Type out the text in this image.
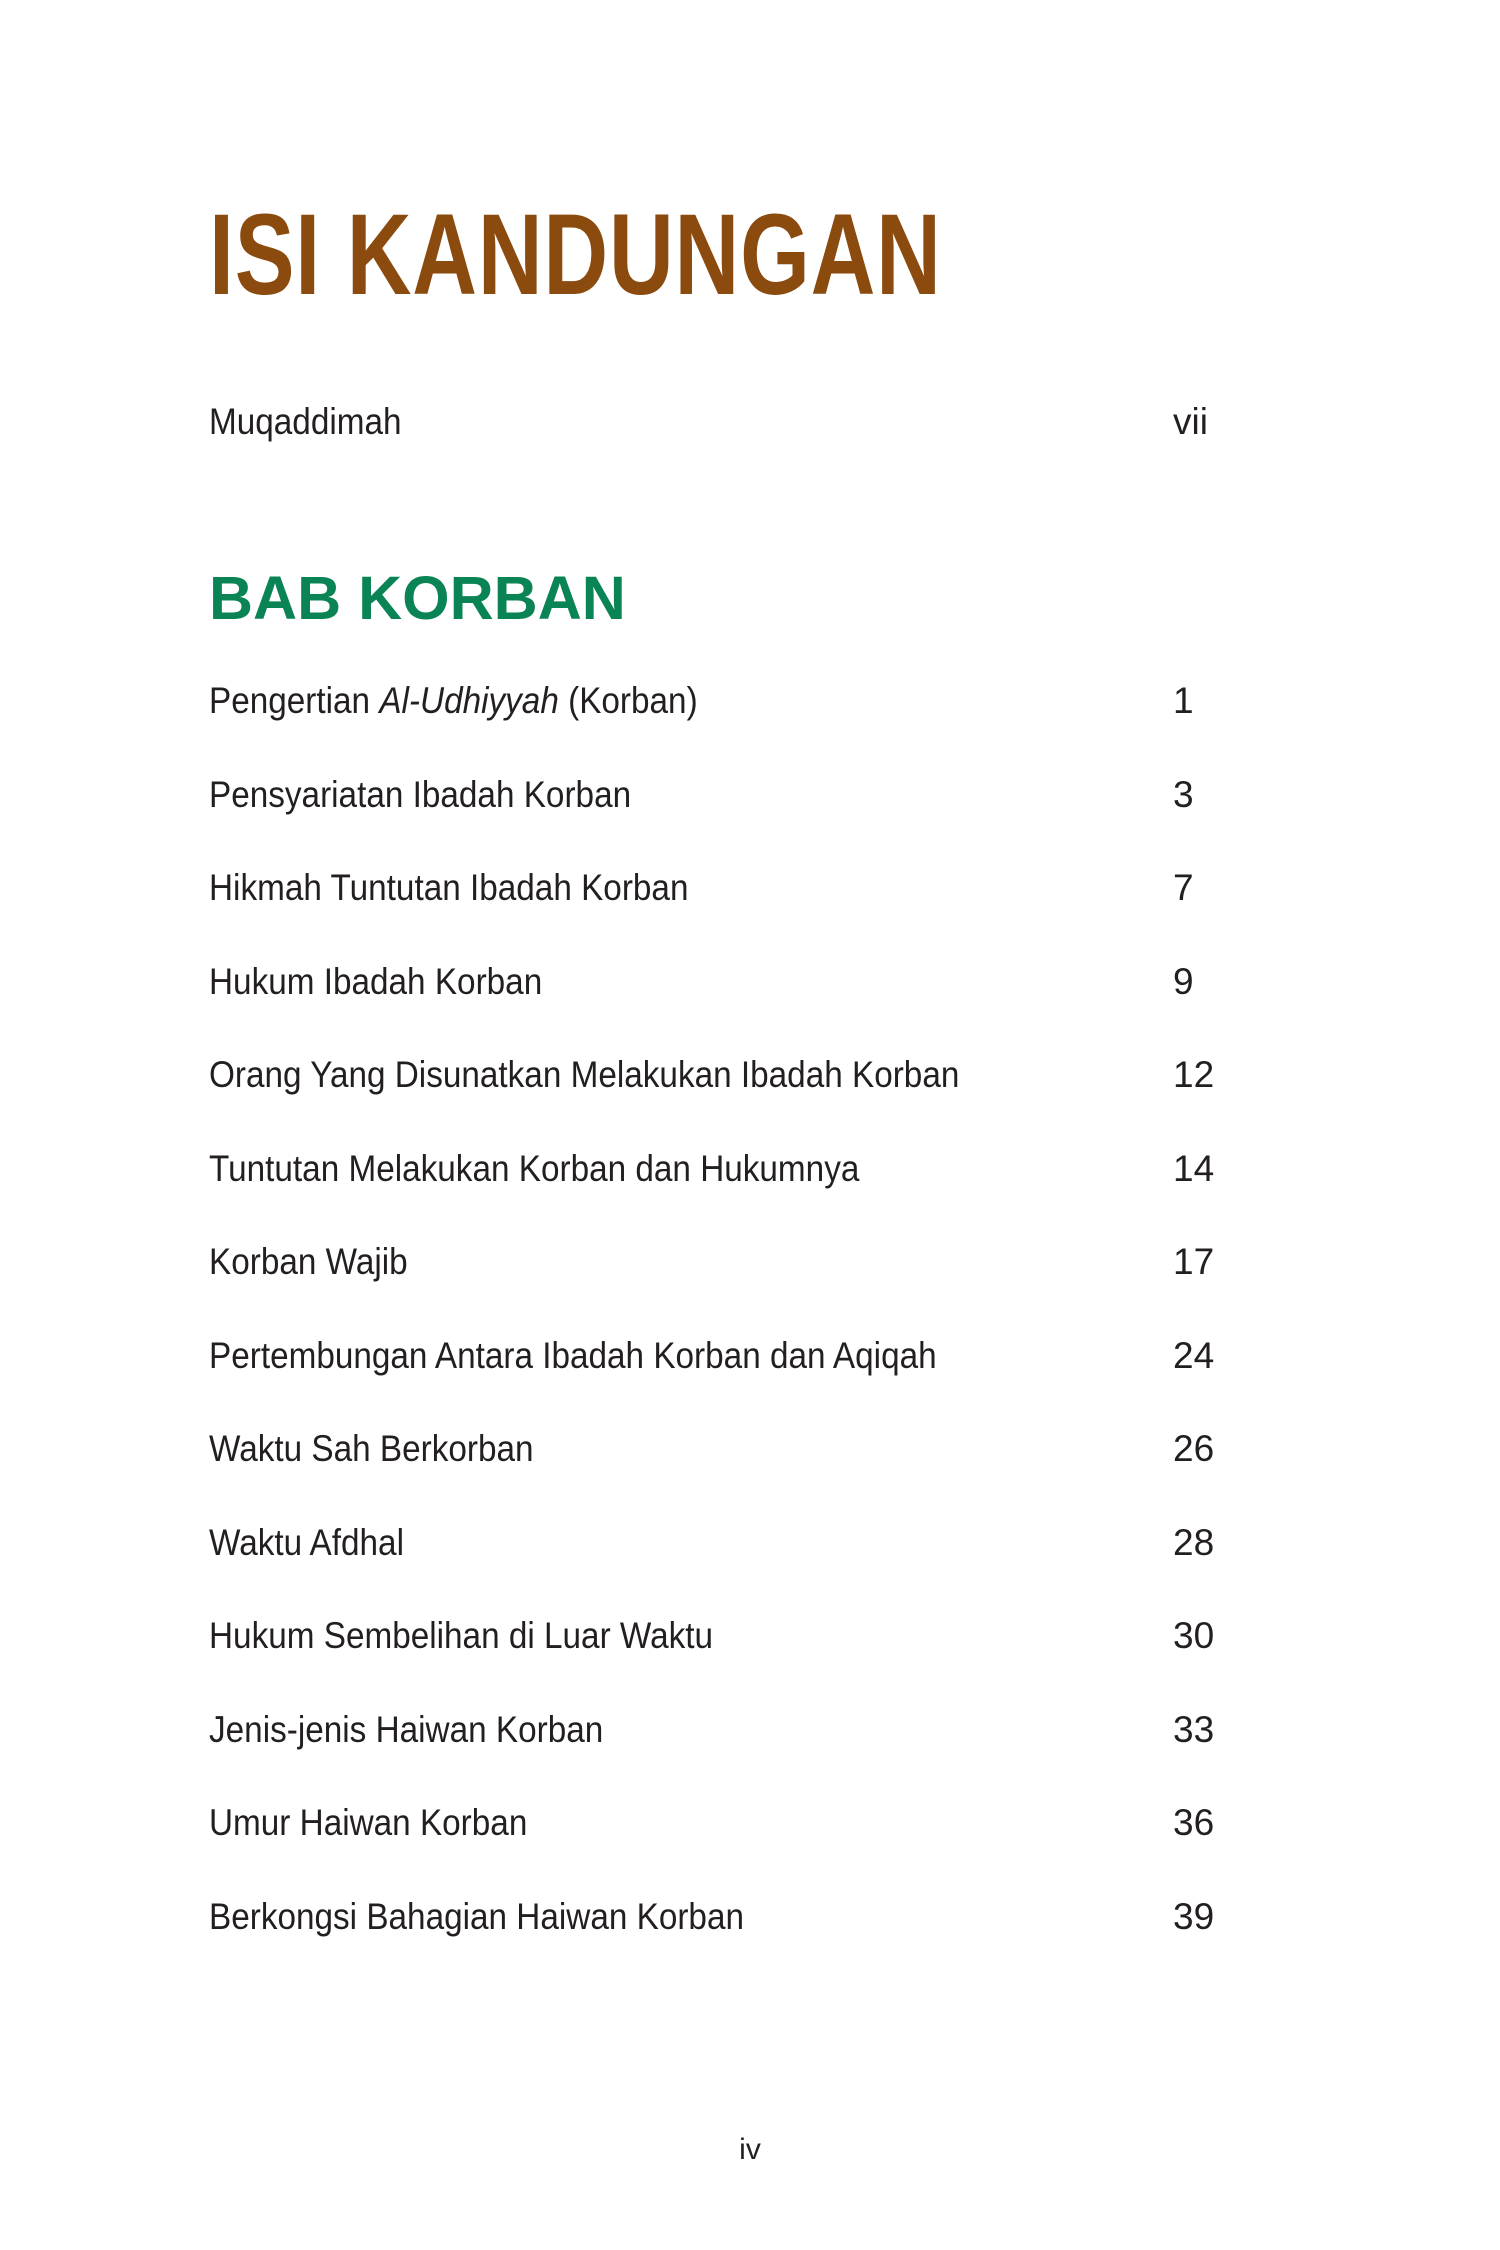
ISI KANDUNGAN
Muqaddimah	vii
BAB KORBAN
Pengertian Al-Udhiyyah (Korban)	1
Pensyariatan Ibadah Korban	3
Hikmah Tuntutan Ibadah Korban	7
Hukum Ibadah Korban	9
Orang Yang Disunatkan Melakukan Ibadah Korban	12
Tuntutan Melakukan Korban dan Hukumnya	14
Korban Wajib	17
Pertembungan Antara Ibadah Korban dan Aqiqah	24
Waktu Sah Berkorban	26
Waktu Afdhal	28
Hukum Sembelihan di Luar Waktu	30
Jenis-jenis Haiwan Korban	33
Umur Haiwan Korban	36
Berkongsi Bahagian Haiwan Korban	39
iv
